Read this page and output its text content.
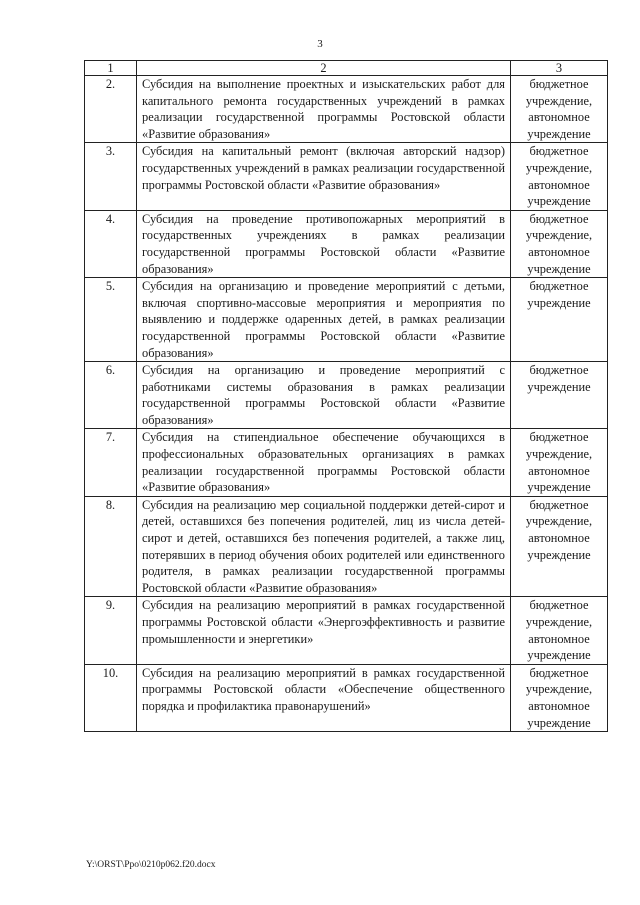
3
1	2	3
2.	Субсидия на выполнение проектных и изыскательских работ для капитального ремонта государственных учреждений в рамках реализации государственной программы Ростовской области «Развитие образования»	бюджетное учреждение, автономное учреждение
3.	Субсидия на капитальный ремонт (включая авторский надзор) государственных учреждений в рамках реализации государственной программы Ростовской области «Развитие образования»	бюджетное учреждение, автономное учреждение
4.	Субсидия на проведение противопожарных мероприятий в государственных учреждениях в рамках реализации государственной программы Ростовской области «Развитие образования»	бюджетное учреждение, автономное учреждение
5.	Субсидия на организацию и проведение мероприятий с детьми, включая спортивно-массовые мероприятия и мероприятия по выявлению и поддержке одаренных детей, в рамках реализации государственной программы Ростовской области «Развитие образования»	бюджетное учреждение
6.	Субсидия на организацию и проведение мероприятий с работниками системы образования в рамках реализации государственной программы Ростовской области «Развитие образования»	бюджетное учреждение
7.	Субсидия на стипендиальное обеспечение обучающихся в профессиональных образовательных организациях в рамках реализации государственной программы Ростовской области «Развитие образования»	бюджетное учреждение, автономное учреждение
8.	Субсидия на реализацию мер социальной поддержки детей-сирот и детей, оставшихся без попечения родителей, лиц из числа детей-сирот и детей, оставшихся без попечения родителей, а также лиц, потерявших в период обучения обоих родителей или единственного родителя, в рамках реализации государственной программы Ростовской области «Развитие образования»	бюджетное учреждение, автономное учреждение
9.	Субсидия на реализацию мероприятий в рамках государственной программы Ростовской области «Энергоэффективность и развитие промышленности и энергетики»	бюджетное учреждение, автономное учреждение
10.	Субсидия на реализацию мероприятий в рамках государственной программы Ростовской области «Обеспечение общественного порядка и профилактика правонарушений»	бюджетное учреждение, автономное учреждение
Y:\ORST\Ppo\0210p062.f20.docx
